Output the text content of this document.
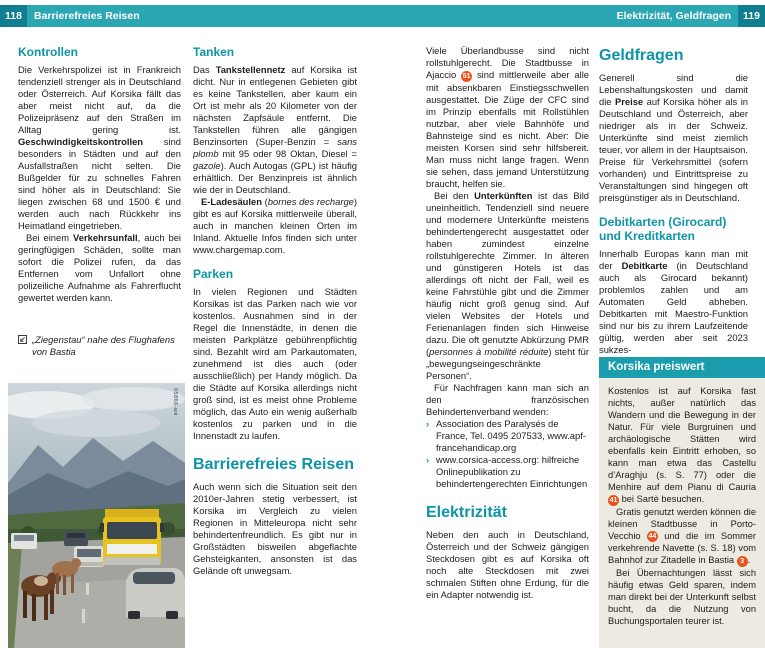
118	Barrierefreies Reisen	Elektrizität, Geldfragen	119
Kontrollen

Die Verkehrspolizei ist in Frankreich tendenziell strenger als in Deutschland oder Österreich. Auf Korsika fällt das aber meist nicht auf, da die Polizeipräsenz auf den Straßen im Alltag gering ist. Geschwindigkeitskontrollen sind besonders in Städten und auf den Ausfallstraßen nicht selten. Die Bußgelder für zu schnelles Fahren sind höher als in Deutschland: Sie liegen zwischen 68 und 1500 € und werden auch nach Rückkehr ins Heimatland eingetrieben.

Bei einem Verkehrsunfall, auch bei geringfügigen Schäden, sollte man sofort die Polizei rufen, da das Entfernen vom Unfallort ohne polizeiliche Aufnahme als Fahrerflucht gewertet werden kann.

„Ziegenstau“ nahe des Flughafens von Bastia
05866-wk
Tanken

Das Tankstellennetz auf Korsika ist dicht. Nur in entlegenen Gebieten gibt es keine Tankstellen, aber kaum ein Ort ist mehr als 20 Kilometer von der nächsten Zapfsäule entfernt. Die Tankstellen führen alle gängigen Benzinsorten (Super-Benzin = sans plomb mit 95 oder 98 Oktan, Diesel = gazole). Auch Autogas (GPL) ist häufig erhältlich. Der Benzinpreis ist ähnlich wie der in Deutschland.

E-Ladesäulen (bornes des recharge) gibt es auf Korsika mittlerweile überall, auch in manchen kleinen Orten im Inland. Aktuelle Infos finden sich unter www.chargemap.com.

Parken

In vielen Regionen und Städten Korsikas ist das Parken nach wie vor kostenlos. Ausnahmen sind in der Regel die Innenstädte, in denen die meisten Parkplätze gebührenpflichtig sind. Bezahlt wird am Parkautomaten, zunehmend ist dies auch (oder ausschließlich) per Handy möglich. Da die Städte auf Korsika allerdings nicht groß sind, ist es meist ohne Probleme möglich, das Auto ein wenig außerhalb kostenlos zu parken und in die Innenstadt zu laufen.

Barrierefreies Reisen

Auch wenn sich die Situation seit den 2010er-Jahren stetig verbessert, ist Korsika im Vergleich zu vielen Regionen in Mitteleuropa nicht sehr behindertenfreundlich. Es gibt nur in Großstädten bisweilen abgeflachte Gehsteigkanten, ansonsten ist das Gelände oft unwegsam.

Viele Überlandbusse sind nicht rollstuhlgerecht. Die Stadtbusse in Ajaccio 51 sind mittlerweile aber alle mit absenkbaren Einstiegsschwellen ausgestattet. Die Züge der CFC sind im Prinzip ebenfalls mit Rollstühlen nutzbar, aber viele Bahnhöfe und Bahnsteige sind es nicht. Aber: Die meisten Korsen sind sehr hilfsbereit. Man muss nicht lange fragen. Wenn sie sehen, dass jemand Unterstützung braucht, helfen sie.

Bei den Unterkünften ist das Bild uneinheitlich. Tendenziell sind neuere und modernere Unterkünfte meistens behindertengerecht ausgestattet oder haben zumindest einzelne rollstuhlgerechte Zimmer. In älteren und günstigeren Hotels ist das allerdings oft nicht der Fall, weil es keine Fahrstühle gibt und die Zimmer häufig nicht groß genug sind. Auf vielen Websites der Hotels und Ferienanlagen finden sich Hinweise dazu. Die oft genutzte Abkürzung PMR (personnes à mobilité réduite) steht für „bewegungseingeschränkte Personen“.

Für Nachfragen kann man sich an den französischen Behindertenverband wenden:

› Association des Paralysés de France, Tel. 0495 207533, www.apf-francehandicap.org
› www.corsica-access.org: hilfreiche Onlinepublikation zu behindertengerechten Einrichtungen
Elektrizität

Neben den auch in Deutschland, Österreich und der Schweiz gängigen Steckdosen gibt es auf Korsika oft noch alte Steckdosen mit zwei schmalen Stiften ohne Erdung, für die ein Adapter notwendig ist.

Geldfragen

Generell sind die Lebenshaltungskosten und damit die Preise auf Korsika höher als in Deutschland und Österreich, aber niedriger als in der Schweiz. Unterkünfte sind meist ziemlich teuer, vor allem in der Hauptsaison. Preise für Verkehrsmittel (sofern vorhanden) und Eintrittspreise zu Veranstaltungen sind hingegen oft preisgünstiger als in Deutschland.

Debitkarten (Girocard) und Kreditkarten

Innerhalb Europas kann man mit der Debitkarte (in Deutschland auch als Girocard bekannt) problemlos zahlen und am Automaten Geld abheben. Debitkarten mit Maestro-Funktion sind nur bis zu ihrem Laufzeitende gültig, werden aber seit 2023 sukzes-

Korsika preiswert

Kostenlos ist auf Korsika fast nichts, außer natürlich das Wandern und die Bewegung in der Natur. Für viele Burgruinen und archäologische Stätten wird ebenfalls kein Eintritt erhoben, so kann man etwa das Castellu d’Araghju (s. S. 77) oder die Menhire auf dem Pianu di Cauria 41 bei Sartè besuchen.

Gratis genutzt werden können die kleinen Stadtbusse in Porto-Vecchio 44 und die im Sommer verkehrende Navette (s. S. 18) vom Bahnhof zur Zitadelle in Bastia 3 .

Bei Übernachtungen lässt sich häufig etwas Geld sparen, indem man direkt bei der Unterkunft selbst bucht, da die Nutzung von Buchungsportalen teurer ist.
